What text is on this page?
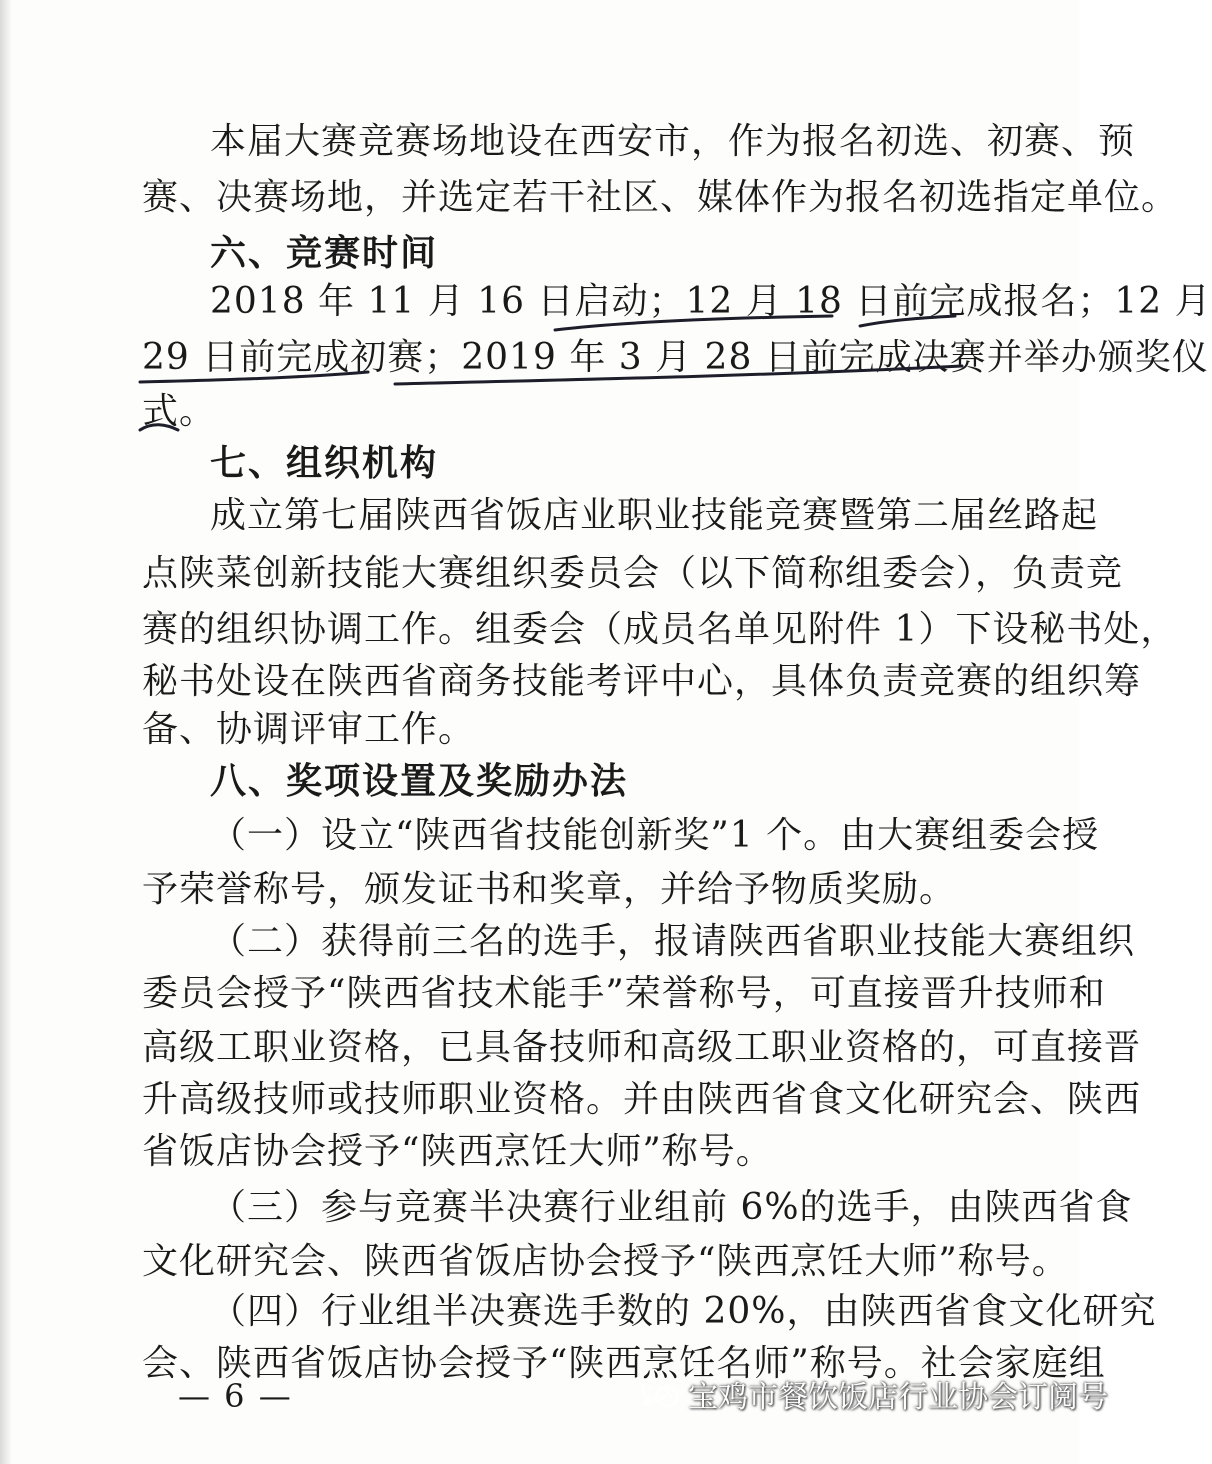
本届大赛竞赛场地设在西安市，作为报名初选、初赛、预
赛、决赛场地，并选定若干社区、媒体作为报名初选指定单位。
六、竞赛时间
2018 年 11 月 16 日启动；12 月 18 日前完成报名；12 月
29 日前完成初赛；2019 年 3 月 28 日前完成决赛并举办颁奖仪
式。
七、组织机构
成立第七届陕西省饭店业职业技能竞赛暨第二届丝路起
点陕菜创新技能大赛组织委员会（以下简称组委会），负责竞
赛的组织协调工作。组委会（成员名单见附件 1）下设秘书处，
秘书处设在陕西省商务技能考评中心，具体负责竞赛的组织筹
备、协调评审工作。
八、奖项设置及奖励办法
（一）设立“陕西省技能创新奖”1 个。由大赛组委会授
予荣誉称号，颁发证书和奖章，并给予物质奖励。
（二）获得前三名的选手，报请陕西省职业技能大赛组织
委员会授予“陕西省技术能手”荣誉称号，可直接晋升技师和
高级工职业资格，已具备技师和高级工职业资格的，可直接晋
升高级技师或技师职业资格。并由陕西省食文化研究会、陕西
省饭店协会授予“陕西烹饪大师”称号。
（三）参与竞赛半决赛行业组前 6%的选手，由陕西省食
文化研究会、陕西省饭店协会授予“陕西烹饪大师”称号。
（四）行业组半决赛选手数的 20%，由陕西省食文化研究
会、陕西省饭店协会授予“陕西烹饪名师”称号。社会家庭组
— 6 —	宝鸡市餐饮饭店行业协会订阅号
